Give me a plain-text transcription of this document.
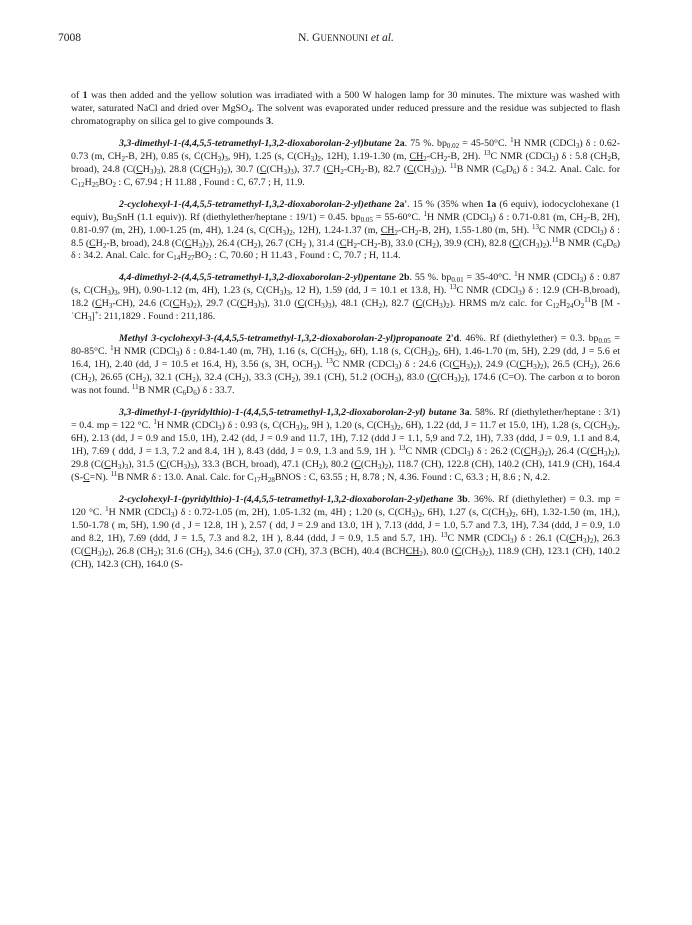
7008	N. GUENNOUNI et al.

of 1 was then added and the yellow solution was irradiated with a 500 W halogen lamp for 30 minutes. The mixture was washed with water, saturated NaCl and dried over MgSO$_4$. The solvent was evaporated under reduced pressure and the residue was subjected to flash chromatography on silica gel to give compounds 3.

3,3-dimethyl-1-(4,4,5,5-tetramethyl-1,3,2-dioxaborolan-2-yl)butane 2a. 75 %. $bp_{0.02} = 45-50^\circ C$. $^1$H NMR (CDCl$_3$) δ : 0.62-0.73 (m, $CH_2-B$, 2H), 0.85 (s, $C(CH_3)_3$, 9H), 1.25 (s, $C(CH_3)_2$, 12H), 1.19-1.30 (m, $CH_2-CH_2-B$, 2H). $^{13}$C NMR (CDCl$_3$) δ : 5.8 ($CH_2B$, broad), 24.8 $(C(CH_3)_3)$, 28.8 $(C(CH_3)_2)$, 30.7 $(C(CH_3)_3)$, 37.7 $(CH_2-CH_2-B)$, 82.7 $(C(CH_3)_2)$. $^{11}$B NMR $(C_6D_6)$ δ : 34.2. Anal. Calc. for $C_{12}H_{25}BO_2$ : C, 67.94 ; H 11.88 , Found : C, 67.7 ; H, 11.9.

2-cyclohexyl-1-(4,4,5,5-tetramethyl-1,3,2-dioxaborolan-2-yl)ethane 2a'. 15 % (35% when 1a (6 equiv), iodocyclohexane (1 equiv), $Bu_3SnH$ (1.1 equiv)). Rf (diethylether/heptane : 19/1) = 0.45. $bp_{0.05} = 55-60^\circ C$. $^1$H NMR (CDCl$_3$) δ : 0.71-0.81 (m, $CH_2-B$, 2H), 0.81-0.97 (m, 2H), 1.00-1.25 (m, 4H), 1.24 (s, $C(CH_3)_2$, 12H), 1.24-1.37 (m, $CH_2-CH_2-B$, 2H), 1.55-1.80 (m, 5H). $^{13}$C NMR (CDCl$_3$) δ : 8.5 ($CH_2-B$, broad), 24.8 $(C(CH_3)_2)$, 26.4 $(CH_2)$, 26.7 ($CH_2$ ), 31.4 $(CH_2-CH_2-B)$, 33.0 $(CH_2)$, 39.9 (CH), 82.8 $(C(CH_3)_2).^{11}B$ NMR $(C_6D_6)$ δ : 34.2. Anal. Calc. for $C_{14}H_{27}BO_2$ : C, 70.60 ; H 11.43 , Found : C, 70.7 ; H, 11.4.

4,4-dimethyl-2-(4,4,5,5-tetramethyl-1,3,2-dioxaborolan-2-yl)pentane 2b. 55 %. $bp_{0.01} = 35-40^\circ C$. $^1$H NMR (CDCl$_3$) δ : 0.87 (s, $C(CH_3)_3$, 9H), 0.90-1.12 (m, 4H), 1.23 (s, $C(CH_3)_3$, 12 H), 1.59 (dd, J = 10.1 et 13.8, H). $^{13}$C NMR (CDCl$_3$) δ : 12.9 (CH-B,broad), 18.2 $(CH_3-CH)$, 24.6 $(C(CH_3)_2)$, 29.7 $(C(CH_3)_3)$, 31.0 $(C(CH_3)_3)$, 48.1 $(CH_2)$, 82.7 $(C(CH_3)_2)$. HRMS m/z calc. for $C_{12}H_{24}O_2^{11}B$ $[M - ˙CH_3]^+$: 211,1829 . Found : 211,186.

Methyl 3-cyclohexyl-3-(4,4,5,5-tetramethyl-1,3,2-dioxaborolan-2-yl)propanoate 2'd. 46%. Rf (diethylether) = 0.3. $bp_{0.05} = 80-85^\circ C$. $^1$H NMR (CDCl$_3$) δ : 0.84-1.40 (m, 7H), 1.16 (s, $C(CH_3)_2$, 6H), 1.18 (s, $C(CH_3)_2$, 6H), 1.46-1.70 (m, 5H), 2.29 (dd, J = 5.6 et 16.4, 1H), 2.40 (dd, J = 10.5 et 16.4, H), 3.56 (s, 3H, $OCH_3$). $^{13}$C NMR (CDCl$_3$) δ : 24.6 $(C(CH_3)_2)$, 24.9 $(C(CH_3)_2)$, 26.5 $(CH_2)$, 26.6 $(CH_2)$, 26.65 $(CH_2)$, 32.1 $(CH_2)$, 32.4 $(CH_2)$, 33.3 $(CH_2)$, 39.1 (CH), 51.2 $(OCH_3)$, 83.0 $(C(CH_3)_2)$, 174.6 (C=O). The carbon α to boron was not found. $^{11}$B NMR $(C_6D_6)$ δ : 33.7.

3,3-dimethyl-1-(pyridylthio)-1-(4,4,5,5-tetramethyl-1,3,2-dioxaborolan-2-yl) butane 3a. 58%. Rf (diethylether/heptane : 3/1) = 0.4. mp = 122 °C. $^1$H NMR (CDCl$_3$) δ : 0.93 (s, $C(CH_3)_3$, 9H ), 1.20 (s, $C(CH_3)_2$, 6H), 1.22 (dd, J = 11.7 et 15.0, 1H), 1.28 (s, $C(CH_3)_2$, 6H), 2.13 (dd, J = 0.9 and 15.0, 1H), 2.42 (dd, J = 0.9 and 11.7, 1H), 7.12 (ddd J = 1.1, 5,9 and 7.2, 1H), 7.33 (ddd, J = 0.9, 1.1 and 8.4, 1H), 7.69 ( ddd, J = 1.3, 7.2 and 8.4, 1H ), 8.43 (ddd, J = 0.9, 1.3 and 5.9, 1H ). $^{13}$C NMR (CDCl$_3$) δ : 26.2 $(C(CH_3)_2)$, 26.4 $(C(CH_3)_2)$, 29.8 $(C(CH_3)_3)$, 31.5 $(C(CH_3)_3)$, 33.3 (BCH, broad), 47.1 $(CH_2)$, 80.2 $(C(CH_3)_2)$, 118.7 (CH), 122.8 (CH), 140.2 (CH), 141.9 (CH), 164.4 (S-C=N). $^{11}$B NMR δ : 13.0. Anal. Calc. for $C_{17}H_{28}BNOS$ : C, 63.55 ; H, 8.78 ; N, 4.36. Found : C, 63.3 ; H, 8.6 ; N, 4.2.

2-cyclohexyl-1-(pyridylthio)-1-(4,4,5,5-tetramethyl-1,3,2-dioxaborolan-2-yl)ethane 3b. 36%. Rf (diethylether) = 0.3. mp = 120 °C. $^1$H NMR (CDCl$_3$) δ : 0.72-1.05 (m, 2H), 1.05-1.32 (m, 4H) ; 1.20 (s, $C(CH_3)_2$, 6H), 1.27 (s, $C(CH_3)_2$, 6H), 1.32-1.50 (m, 1H,), 1.50-1.78 ( m, 5H), 1.90 (d , J = 12.8, 1H ), 2.57 ( dd, J = 2.9 and 13.0, 1H ), 7.13 (ddd, J = 1.0, 5.7 and 7.3, 1H), 7.34 (ddd, J = 0.9, 1.0 and 8.2, 1H), 7.69 (ddd, J = 1.5, 7.3 and 8.2, 1H ), 8.44 (ddd, J = 0.9, 1.5 and 5.7, 1H). $^{13}$C NMR (CDCl$_3$) δ : 26.1 $(C(CH_3)_2)$, 26.3 $(C(CH_3)_2)$, 26.8 $(CH_2)$; 31.6 $(CH_2)$, 34.6 $(CH_2)$, 37.0 (CH), 37.3 (BCH), 40.4 $(BCHCH_2)$, 80.0 $(C(CH_3)_2)$, 118.9 (CH), 123.1 (CH), 140.2 (CH), 142.3 (CH), 164.0 (S-
